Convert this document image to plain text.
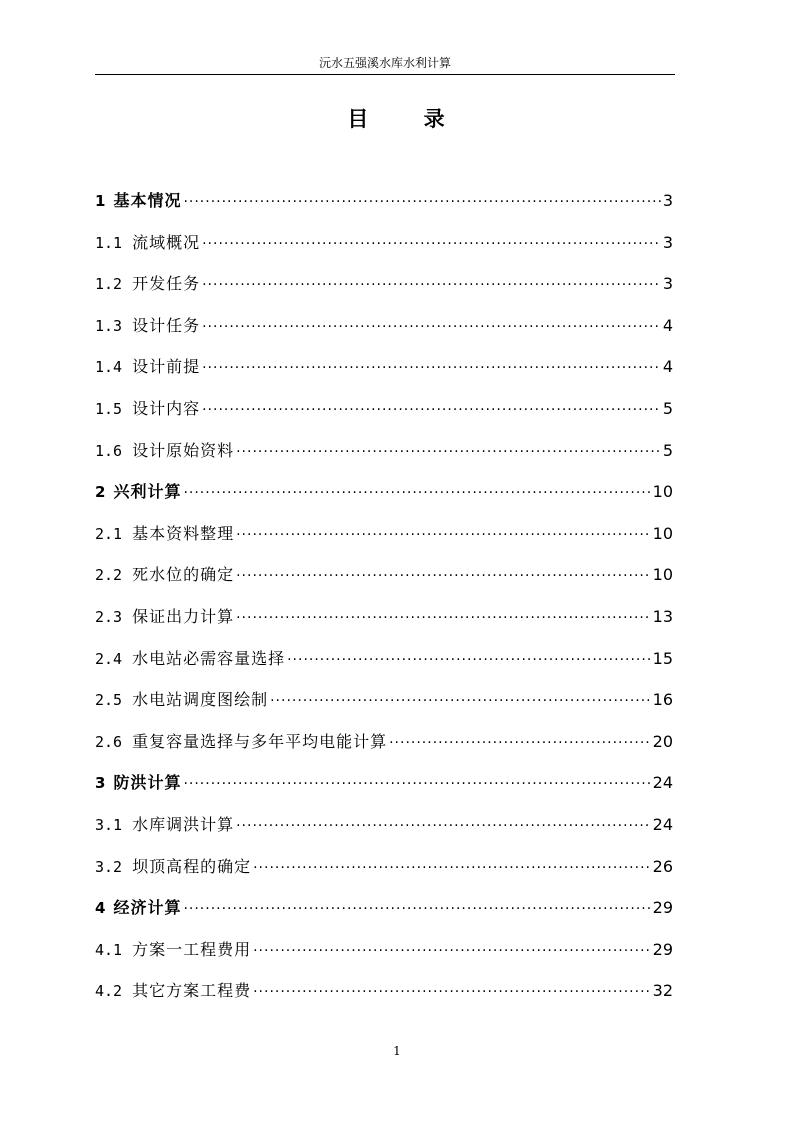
沅水五强溪水库水利计算
目 录
1 基本情况 ·····	3
1.1 流域概况 ·····	3
1.2 开发任务 ·····	3
1.3 设计任务 ·····	4
1.4 设计前提 ·····	4
1.5 设计内容 ·····	5
1.6 设计原始资料 ·····	5
2 兴利计算 ·····	10
2.1 基本资料整理 ·····	10
2.2 死水位的确定 ·····	10
2.3 保证出力计算 ·····	13
2.4 水电站必需容量选择 ·····	15
2.5 水电站调度图绘制 ·····	16
2.6 重复容量选择与多年平均电能计算 ·····	20
3 防洪计算 ·····	24
3.1 水库调洪计算 ·····	24
3.2 坝顶高程的确定 ·····	26
4 经济计算 ·····	29
4.1 方案一工程费用 ·····	29
4.2 其它方案工程费 ·····	32
1
